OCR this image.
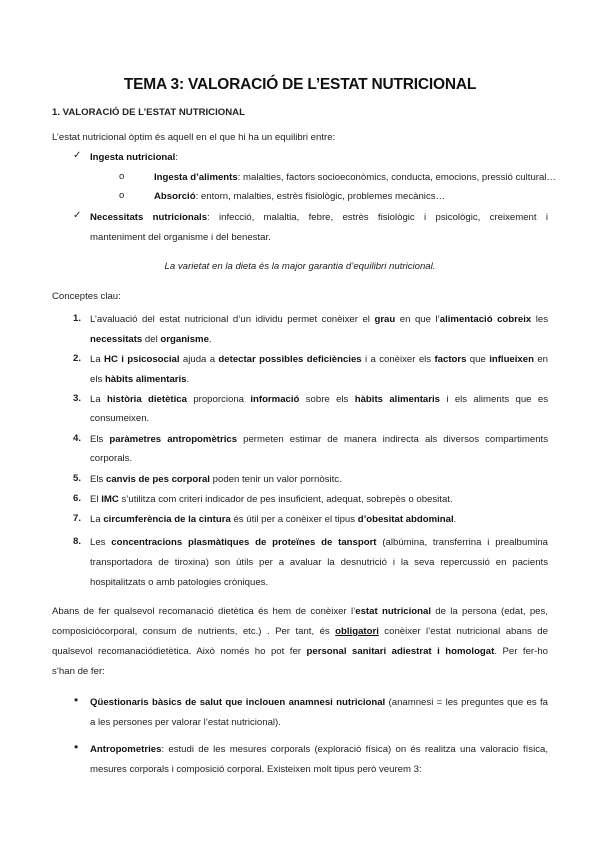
TEMA 3: VALORACIÓ DE L’ESTAT NUTRICIONAL
1. VALORACIÓ DE L’ESTAT NUTRICIONAL
L’estat nutricional òptim és aquell en el que hi ha un equilibri entre:
✓ Ingesta nutricional:
o	Ingesta d’aliments: malalties, factors socioeconòmics, conducta, emocions, pressió cultural…
o	Absorció: entorn, malalties, estrès fisiològic, problemes mecànics…
✓ Necessitats nutricionals: infecció, malaltia, febre, estrès fisiològic i psicològic, creixement i
manteniment del organisme i del benestar.
La varietat en la dieta és la major garantia d’equilibri nutricional.
Conceptes clau:
1. L’avaluació del estat nutricional d’un idividu permet conèixer el grau en que l’alimentació cobreix les
necessitats del organisme.
2. La HC i psicosocial ajuda a detectar possibles deficiències i a conèixer els factors que influeixen en
els hàbits alimentaris.
3. La història dietètica proporciona informació sobre els hàbits alimentaris i els aliments que es
consumeixen.
4. Els paràmetres antropomètrics permeten estimar de manera indirecta als diversos compartiments
corporals.
5. Els canvis de pes corporal poden tenir un valor pornòsitc.
6. El IMC s’utilitza com criteri indicador de pes insuficient, adequat, sobrepès o obesitat.
7. La circumferència de la cintura és útil per a conèixer el tipus d’obesitat abdominal.
8. Les concentracions plasmàtiques de proteïnes de tansport (albúmina, transferrina i prealbumina
transportadora de tiroxina) son útils per a avaluar la desnutrició i la seva repercussió en pacients
hospitalitzats o amb patologies cròniques.
Abans de fer qualsevol recomanació dietètica és hem de conèixer l’estat nutricional de la persona (edat, pes,
composiciócorporal, consum de nutrients, etc.) . Per tant, és obligatori conèixer l’estat nutricional abans de
qualsevol recomanaciódietètica. Això només ho pot fer personal sanitari adiestrat i homologat. Per fer-ho
s’han de fer:
• Qüestionaris bàsics de salut que inclouen anamnesi nutricional (anamnesi = les preguntes que es fa
a les persones per valorar l’estat nutricional).
• Antropometries: estudi de les mesures corporals (exploració física) on és realitza una valoracio física,
mesures corporals i composició corporal. Existeixen molt tipus però veurem 3:
